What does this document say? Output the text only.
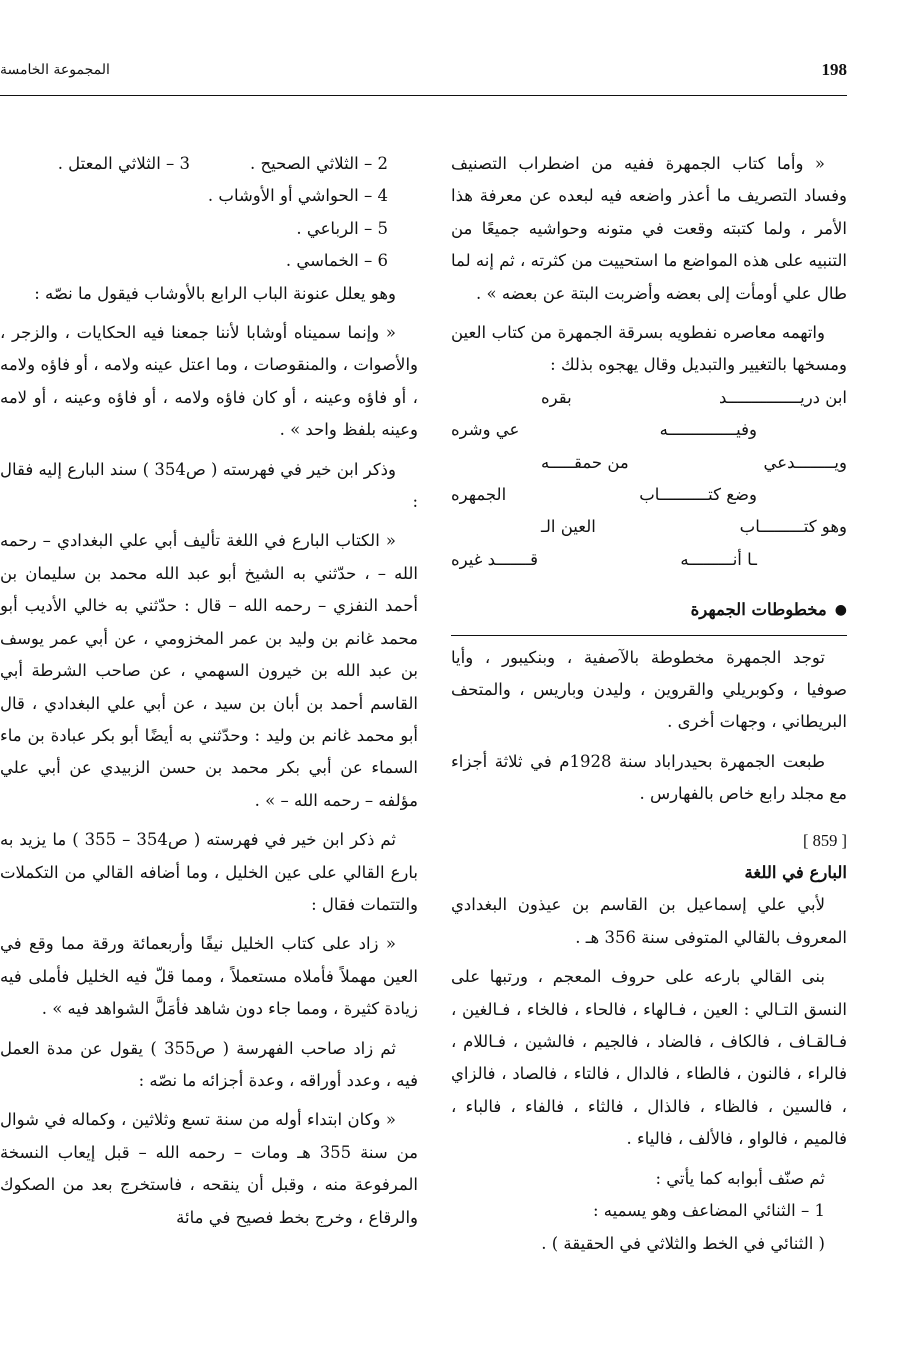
198
المجموعة الخامسة

« وأما كتاب الجمهرة ففيه من اضطراب التصنيف وفساد التصريف ما أعذر واضعه فيه لبعده عن معرفة هذا الأمر ، ولما كتبته وقعت في متونه وحواشيه جميعًا من التنبيه على هذه المواضع ما استحييت من كثرته ، ثم إنه لما طال علي أومأت إلى بعضه وأضربت البتة عن بعضه » .

واتهمه معاصره نفطويه بسرقة الجمهرة من كتاب العين ومسخها بالتغيير والتبديل وقال يهجوه بذلك :

ابن دريـــــــــــــــد
بقره
وفيــــــــــــــه
عي وشره
ويــــــــدعي
من حمقـــــه
وضع كتــــــــــاب
الجمهره
وهو كتـــــــــاب
العين الـ
ـا أنـــــــــه
قـــــــد غيره
●
مخطوطات الجمهرة

توجد الجمهرة مخطوطة بالآصفية ، وبنكيبور ، وأيا صوفيا ، وكوبريلي والقروين ، وليدن وباريس ، والمتحف البريطاني ، وجهات أخرى .

طبعت الجمهرة بحيدراباد سنة 1928م في ثلاثة أجزاء مع مجلد رابع خاص بالفهارس .

[ 859 ]
البارع في اللغة

لأبي علي إسماعيل بن القاسم بن عيذون البغدادي المعروف بالقالي المتوفى سنة 356 هـ .

بنى القالي بارعه على حروف المعجم ، ورتبها على النسق التـالي : العين ، فـالهاء ، فالحاء ، فالخاء ، فـالغين ، فـالقـاف ، فالكاف ، فالضاد ، فالجيم ، فالشين ، فـاللام ، فالراء ، فالنون ، فالطاء ، فالدال ، فالتاء ، فالصاد ، فالزاي ، فالسين ، فالظاء ، فالذال ، فالثاء ، فالفاء ، فالباء ، فالميم ، فالواو ، فالألف ، فالياء .

ثم صنّف أبوابه كما يأتي :

1 – الثنائي المضاعف وهو يسميه :

( الثنائي في الخط والثلاثي في الحقيقة ) .

2 – الثلاثي الصحيح .
3 – الثلاثي المعتل .

4 – الحواشي أو الأوشاب .

5 – الرباعي .

6 – الخماسي .

وهو يعلل عنونة الباب الرابع بالأوشاب فيقول ما نصّه :

« وإنما سميناه أوشابا لأننا جمعنا فيه الحكايات ، والزجر ، والأصوات ، والمنقوصات ، وما اعتل عينه ولامه ، أو فاؤه ولامه ، أو فاؤه وعينه ، أو كان فاؤه ولامه ، أو فاؤه وعينه ، أو لامه وعينه بلفظ واحد » .

وذكر ابن خير في فهرسته ( ص354 ) سند البارع إليه فقال :

« الكتاب البارع في اللغة تأليف أبي علي البغدادي – رحمه الله – ، حدّثني به الشيخ أبو عبد الله محمد بن سليمان بن أحمد النفزي – رحمه الله – قال : حدّثني به خالي الأديب أبو محمد غانم بن وليد بن عمر المخزومي ، عن أبي عمر يوسف بن عبد الله بن خيرون السهمي ، عن صاحب الشرطة أبي القاسم أحمد بن أبان بن سيد ، عن أبي علي البغدادي ، قال أبو محمد غانم بن وليد : وحدّثني به أيضًا أبو بكر عبادة بن ماء السماء عن أبي بكر محمد بن حسن الزبيدي عن أبي علي مؤلفه – رحمه الله – » .

ثم ذكر ابن خير في فهرسته ( ص354 – 355 ) ما يزيد به بارع القالي على عين الخليل ، وما أضافه القالي من التكملات والتتمات فقال :

« زاد على كتاب الخليل نيفًا وأربعمائة ورقة مما وقع في العين مهملاً فأملاه مستعملاً ، ومما قلّ فيه الخليل فأملى فيه زيادة كثيرة ، ومما جاء دون شاهد فأمَلَّ الشواهد فيه » .

ثم زاد صاحب الفهرسة ( ص355 ) يقول عن مدة العمل فيه ، وعدد أوراقه ، وعدة أجزائه ما نصّه :

« وكان ابتداء أوله من سنة تسع وثلاثين ، وكماله في شوال من سنة 355 هـ ومات – رحمه الله – قبل إيعاب النسخة المرفوعة منه ، وقبل أن ينقحه ، فاستخرج بعد من الصكوك والرقاع ، وخرج بخط فصيح في مائة
